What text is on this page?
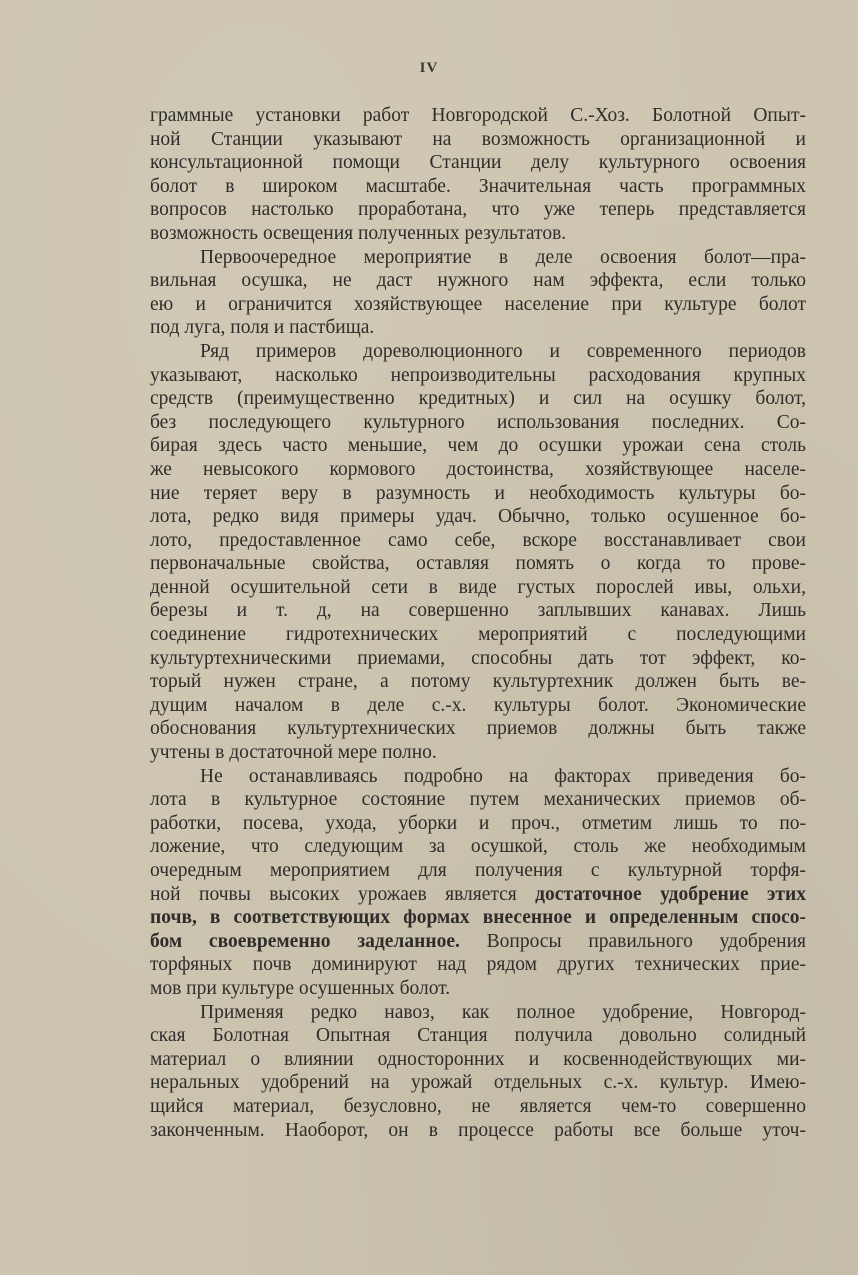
IV

граммные установки работ Новгородской С.-Хоз. Болотной Опыт-
ной Станции указывают на возможность организационной и
консультационной помощи Станции делу культурного освоения
болот в широком масштабе. Значительная часть программных
вопросов настолько проработана, что уже теперь представляется
возможность освещения полученных результатов.

Первоочередное мероприятие в деле освоения болот—пра-
вильная осушка, не даст нужного нам эффекта, если только
ею и ограничится хозяйствующее население при культуре болот
под луга, поля и пастбища.

Ряд примеров дореволюционного и современного периодов
указывают, насколько непроизводительны расходования крупных
средств (преимущественно кредитных) и сил на осушку болот,
без последующего культурного использования последних. Со-
бирая здесь часто меньшие, чем до осушки урожаи сена столь
же невысокого кормового достоинства, хозяйствующее населе-
ние теряет веру в разумность и необходимость культуры бо-
лота, редко видя примеры удач. Обычно, только осушенное бо-
лото, предоставленное само себе, вскоре восстанавливает свои
первоначальные свойства, оставляя помять о когда то прове-
денной осушительной сети в виде густых порослей ивы, ольхи,
березы и т. д, на совершенно заплывших канавах. Лишь
соединение гидротехнических мероприятий с последующими
культуртехническими приемами, способны дать тот эффект, ко-
торый нужен стране, а потому культуртехник должен быть ве-
дущим началом в деле с.-х. культуры болот. Экономические
обоснования культуртехнических приемов должны быть также
учтены в достаточной мере полно.

Не останавливаясь подробно на факторах приведения бо-
лота в культурное состояние путем механических приемов об-
работки, посева, ухода, уборки и проч., отметим лишь то по-
ложение, что следующим за осушкой, столь же необходимым
очередным мероприятием для получения с культурной торфя-
ной почвы высоких урожаев является достаточное удобрение этих
почв, в соответствующих формах внесенное и определенным спосо-
бом своевременно заделанное. Вопросы правильного удобрения
торфяных почв доминируют над рядом других технических прие-
мов при культуре осушенных болот.

Применяя редко навоз, как полное удобрение, Новгород-
ская Болотная Опытная Станция получила довольно солидный
материал о влиянии односторонних и косвеннодействующих ми-
неральных удобрений на урожай отдельных с.-х. культур. Имею-
щийся материал, безусловно, не является чем-то совершенно
законченным. Наоборот, он в процессе работы все больше уточ-
